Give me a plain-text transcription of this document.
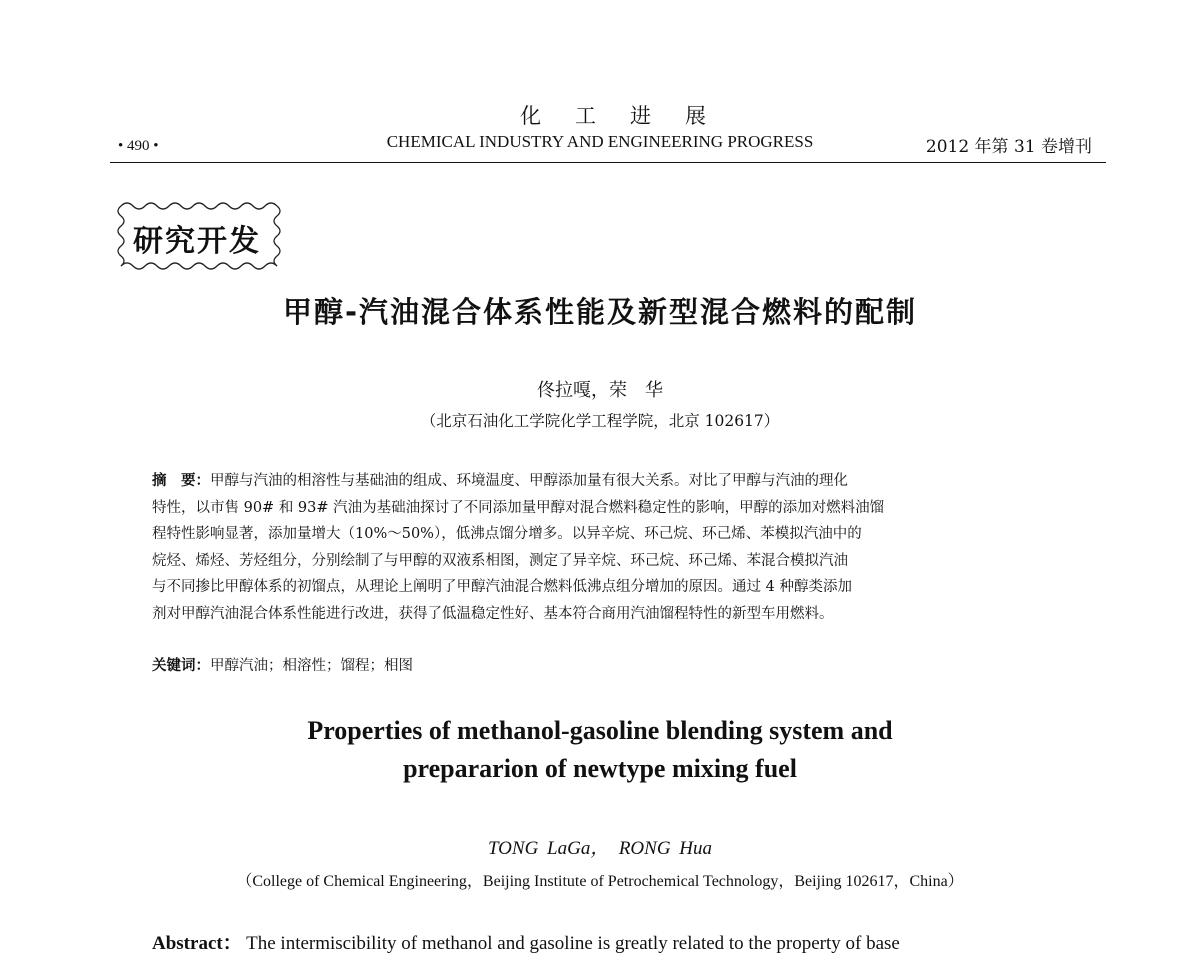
化工进展
• 490 •	CHEMICAL INDUSTRY AND ENGINEERING PROGRESS	2012 年第 31 卷增刊
研究开发
甲醇-汽油混合体系性能及新型混合燃料的配制
佟拉嘎，荣　华
（北京石油化工学院化学工程学院，北京 102617）
摘　要：甲醇与汽油的相溶性与基础油的组成、环境温度、甲醇添加量有很大关系。对比了甲醇与汽油的理化
特性，以市售 90# 和 93# 汽油为基础油探讨了不同添加量甲醇对混合燃料稳定性的影响，甲醇的添加对燃料油馏
程特性影响显著，添加量增大（10%～50%），低沸点馏分增多。以异辛烷、环己烷、环己烯、苯模拟汽油中的
烷烃、烯烃、芳烃组分，分别绘制了与甲醇的双液系相图，测定了异辛烷、环己烷、环己烯、苯混合模拟汽油
与不同掺比甲醇体系的初馏点，从理论上阐明了甲醇汽油混合燃料低沸点组分增加的原因。通过 4 种醇类添加
剂对甲醇汽油混合体系性能进行改进，获得了低温稳定性好、基本符合商用汽油馏程特性的新型车用燃料。
关键词：甲醇汽油；相溶性；馏程；相图
Properties of methanol-gasoline blending system and
prepararion of newtype mixing fuel
TONG LaGa，　RONG Hua
（College of Chemical Engineering，Beijing Institute of Petrochemical Technology，Beijing 102617，China）
Abstract： The intermiscibility of methanol and gasoline is greatly related to the property of base
